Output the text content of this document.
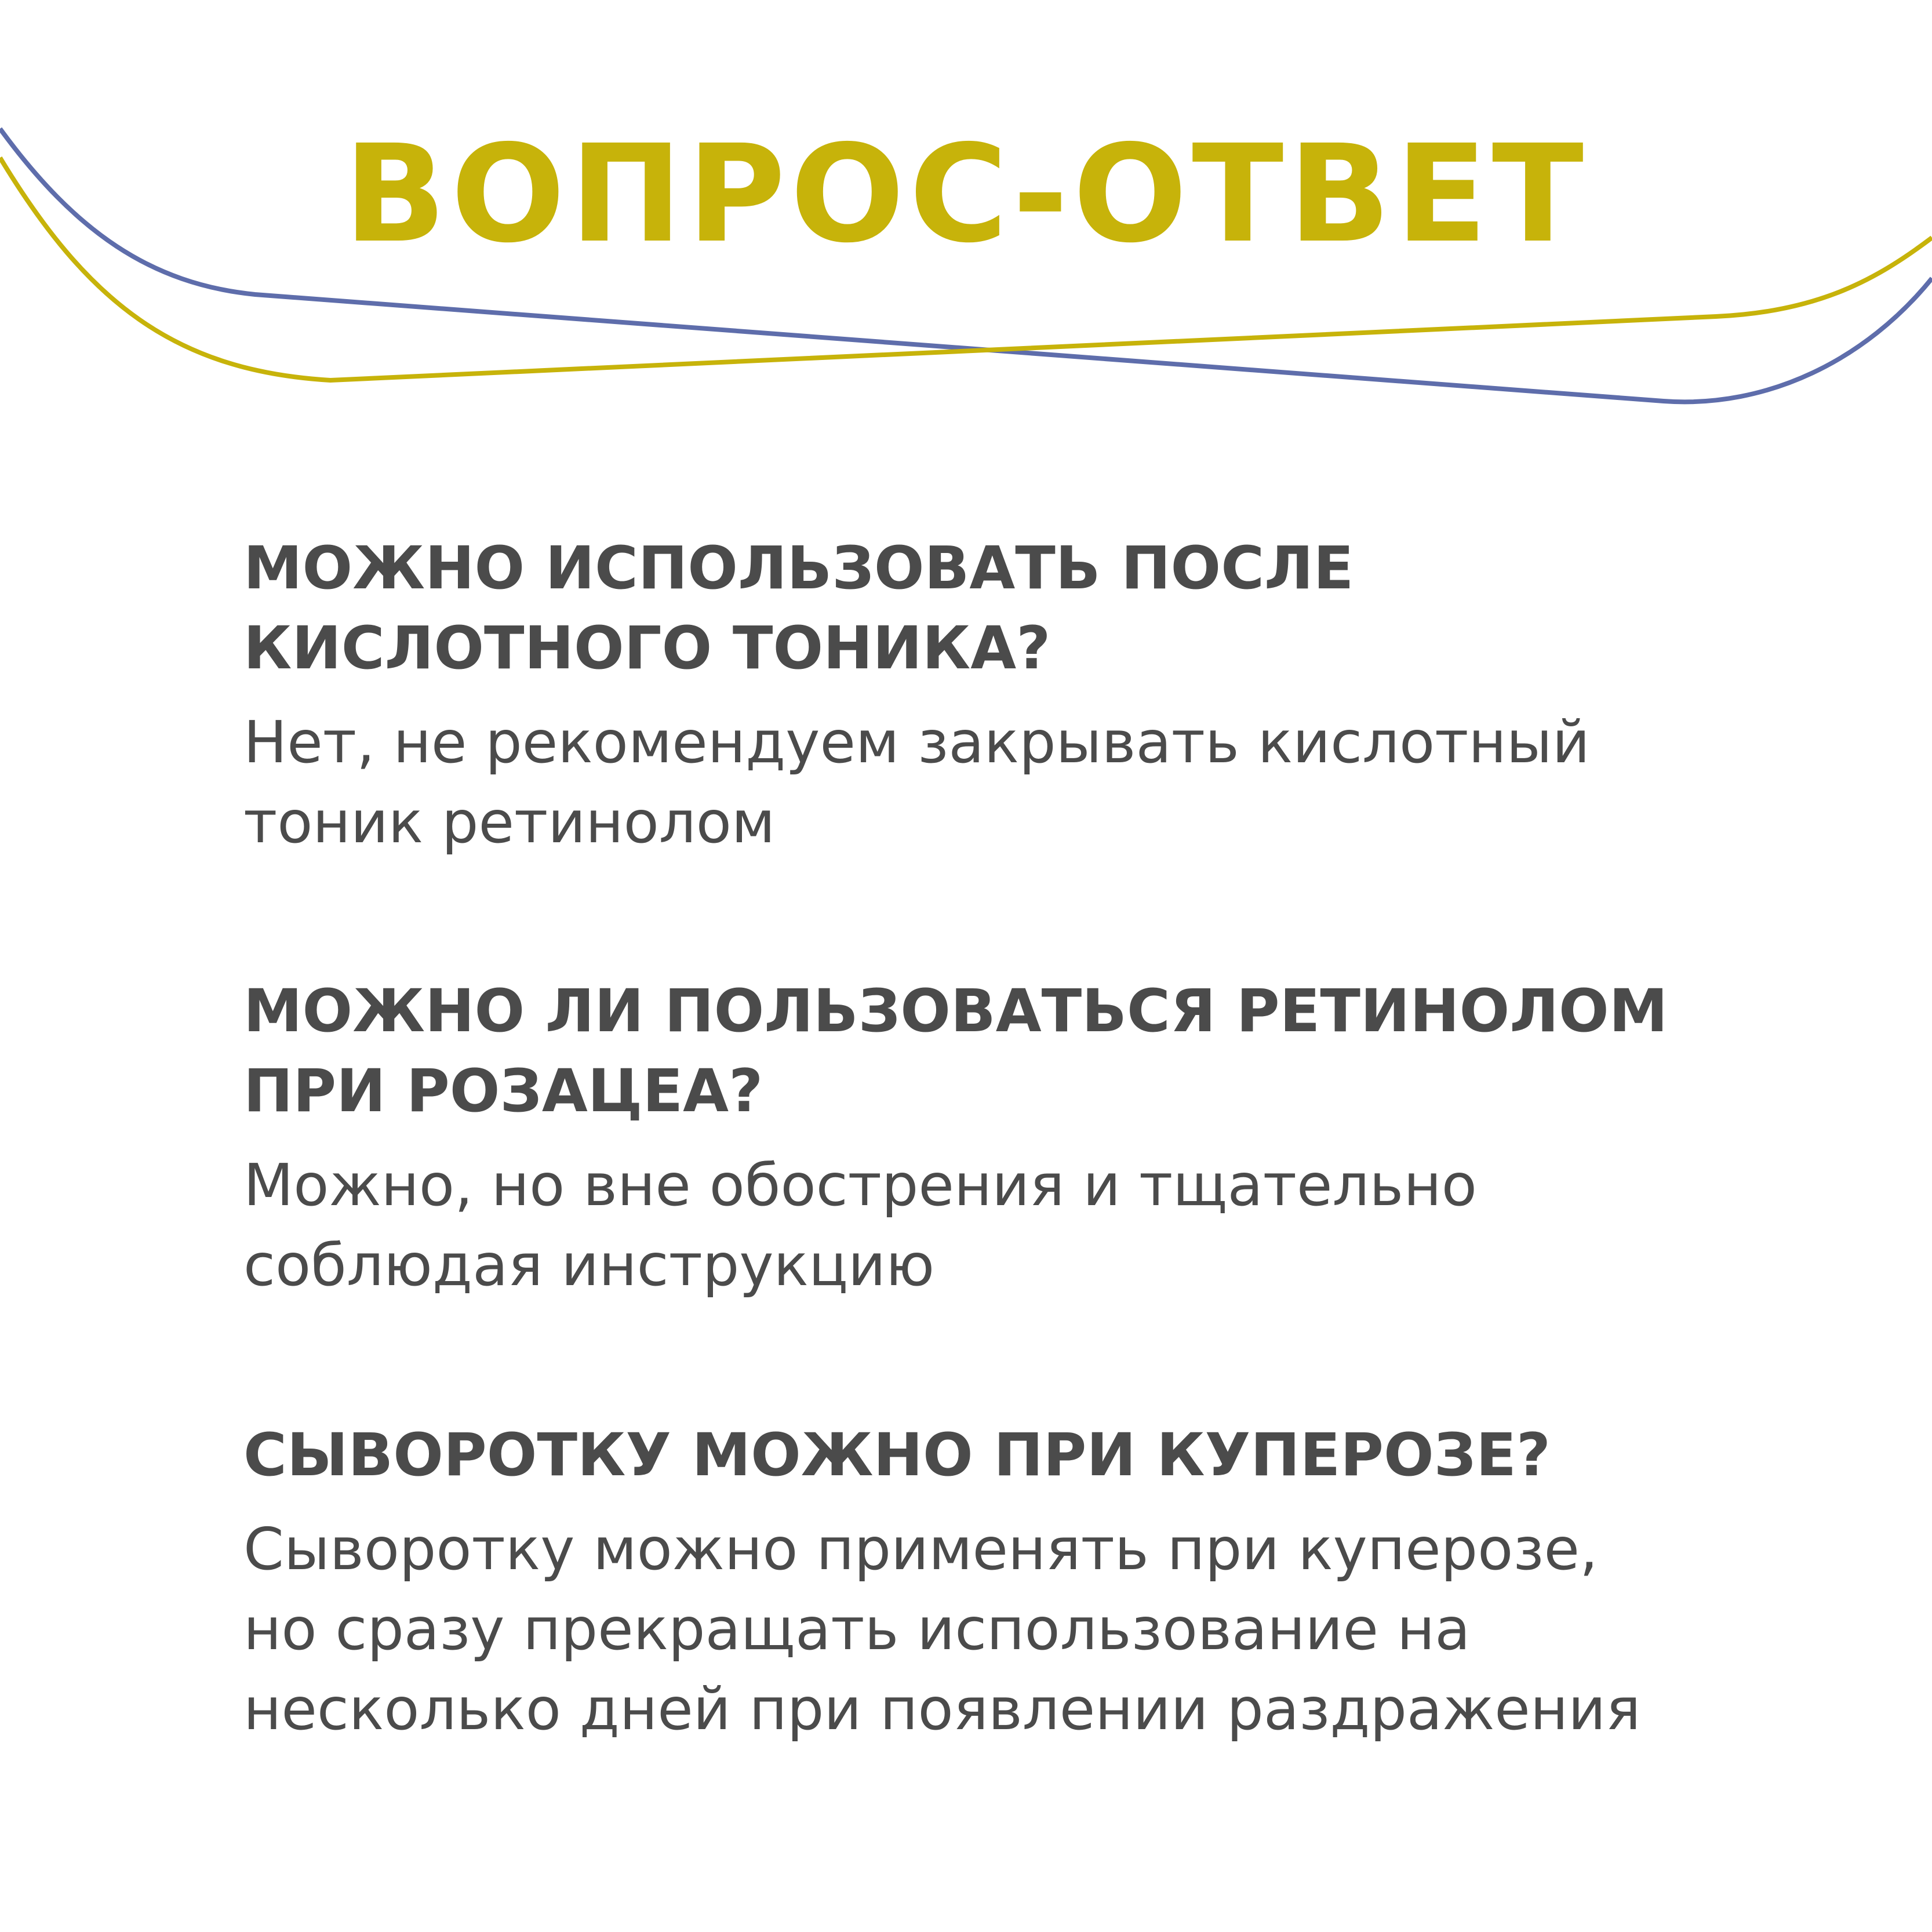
ВОПРОС-ОТВЕТ
МОЖНО ИСПОЛЬЗОВАТЬ ПОСЛЕ
КИСЛОТНОГО ТОНИКА?
Нет, не рекомендуем закрывать кислотный
тоник ретинолом
МОЖНО ЛИ ПОЛЬЗОВАТЬСЯ РЕТИНОЛОМ
ПРИ РОЗАЦЕА?
Можно, но вне обострения и тщательно
соблюдая инструкцию
СЫВОРОТКУ МОЖНО ПРИ КУПЕРОЗЕ?
Сыворотку можно применять при куперозе,
но сразу прекращать использование на
несколько дней при появлении раздражения
